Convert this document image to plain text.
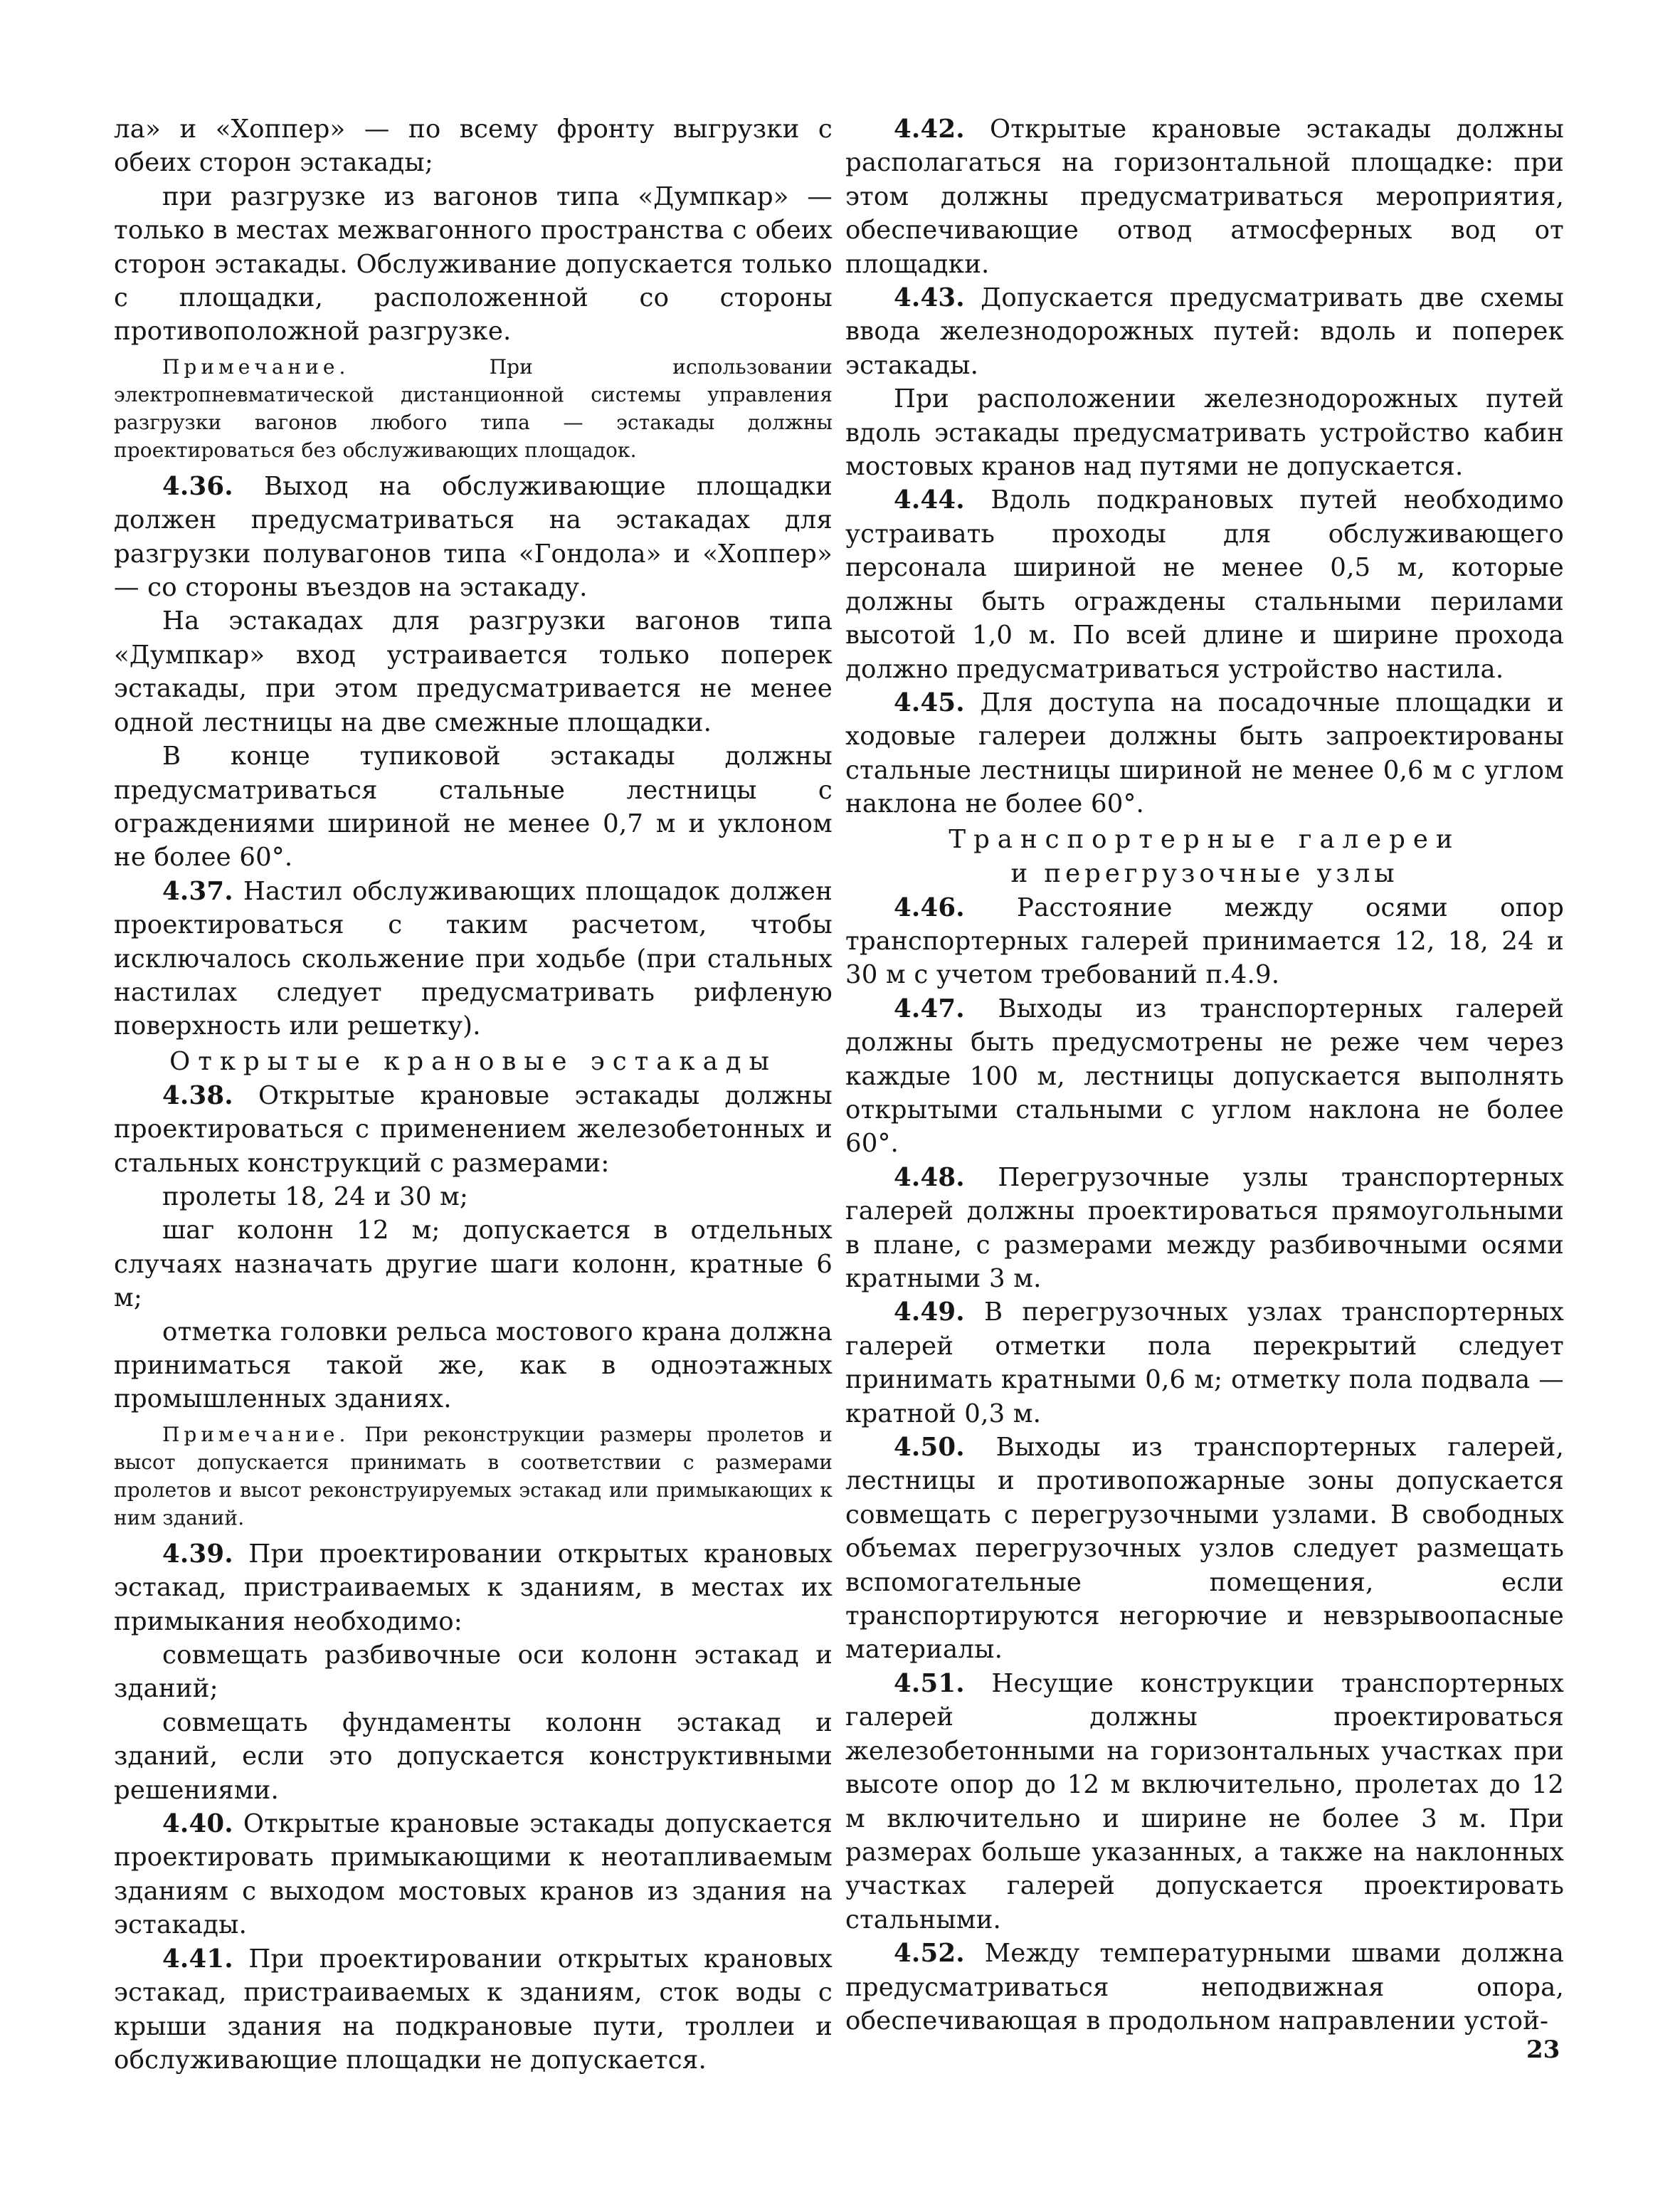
ла» и «Хоппер» — по всему фронту выгрузки с обеих сторон эстакады;

при разгрузке из вагонов типа «Думпкар» — только в местах межвагонного пространства с обеих сторон эстакады. Обслуживание допускается только с площадки, расположенной со стороны противоположной разгрузке.

Примечание. При использовании электропневматической дистанционной системы управления разгрузки вагонов любого типа — эстакады должны проектироваться без обслуживающих площадок.

4.36. Выход на обслуживающие площадки должен предусматриваться на эстакадах для разгрузки полувагонов типа «Гондола» и «Хоппер» — со стороны въездов на эстакаду.

На эстакадах для разгрузки вагонов типа «Думпкар» вход устраивается только поперек эстакады, при этом предусматривается не менее одной лестницы на две смежные площадки.

В конце тупиковой эстакады должны предусматриваться стальные лестницы с ограждениями шириной не менее 0,7 м и уклоном не более 60°.

4.37. Настил обслуживающих площадок должен проектироваться с таким расчетом, чтобы исключалось скольжение при ходьбе (при стальных настилах следует предусматривать рифленую поверхность или решетку).

Открытые крановые эстакады

4.38. Открытые крановые эстакады должны проектироваться с применением железобетонных и стальных конструкций с размерами:

пролеты 18, 24 и 30 м;

шаг колонн 12 м; допускается в отдельных случаях назначать другие шаги колонн, кратные 6 м;

отметка головки рельса мостового крана должна приниматься такой же, как в одноэтажных промышленных зданиях.

Примечание. При реконструкции размеры пролетов и высот допускается принимать в соответствии с размерами пролетов и высот реконструируемых эстакад или примыкающих к ним зданий.

4.39. При проектировании открытых крановых эстакад, пристраиваемых к зданиям, в местах их примыкания необходимо:

совмещать разбивочные оси колонн эстакад и зданий;

совмещать фундаменты колонн эстакад и зданий, если это допускается конструктивными решениями.

4.40. Открытые крановые эстакады допускается проектировать примыкающими к неотапливаемым зданиям с выходом мостовых кранов из здания на эстакады.

4.41. При проектировании открытых крановых эстакад, пристраиваемых к зданиям, сток воды с крыши здания на подкрановые пути, троллеи и обслуживающие площадки не допускается.

4.42. Открытые крановые эстакады должны располагаться на горизонтальной площадке: при этом должны предусматриваться мероприятия, обеспечивающие отвод атмосферных вод от площадки.

4.43. Допускается предусматривать две схемы ввода железнодорожных путей: вдоль и поперек эстакады.

При расположении железнодорожных путей вдоль эстакады предусматривать устройство кабин мостовых кранов над путями не допускается.

4.44. Вдоль подкрановых путей необходимо устраивать проходы для обслуживающего персонала шириной не менее 0,5 м, которые должны быть ограждены стальными перилами высотой 1,0 м. По всей длине и ширине прохода должно предусматриваться устройство настила.

4.45. Для доступа на посадочные площадки и ходовые галереи должны быть запроектированы стальные лестницы шириной не менее 0,6 м с углом наклона не более 60°.

Транспортерные галереи

и перегрузочные узлы

4.46. Расстояние между осями опор транспортерных галерей принимается 12, 18, 24 и 30 м с учетом требований п.4.9.

4.47. Выходы из транспортерных галерей должны быть предусмотрены не реже чем через каждые 100 м, лестницы допускается выполнять открытыми стальными с углом наклона не более 60°.

4.48. Перегрузочные узлы транспортерных галерей должны проектироваться прямоугольными в плане, с размерами между разбивочными осями кратными 3 м.

4.49. В перегрузочных узлах транспортерных галерей отметки пола перекрытий следует принимать кратными 0,6 м; отметку пола подвала — кратной 0,3 м.

4.50. Выходы из транспортерных галерей, лестницы и противопожарные зоны допускается совмещать с перегрузочными узлами. В свободных объемах перегрузочных узлов следует размещать вспомогательные помещения, если транспортируются негорючие и невзрывоопасные материалы.

4.51. Несущие конструкции транспортерных галерей должны проектироваться железобетонными на горизонтальных участках при высоте опор до 12 м включительно, пролетах до 12 м включительно и ширине не более 3 м. При размерах больше указанных, а также на наклонных участках галерей допускается проектировать стальными.

4.52. Между температурными швами должна предусматриваться неподвижная опора, обеспечивающая в продольном направлении устой-

23
